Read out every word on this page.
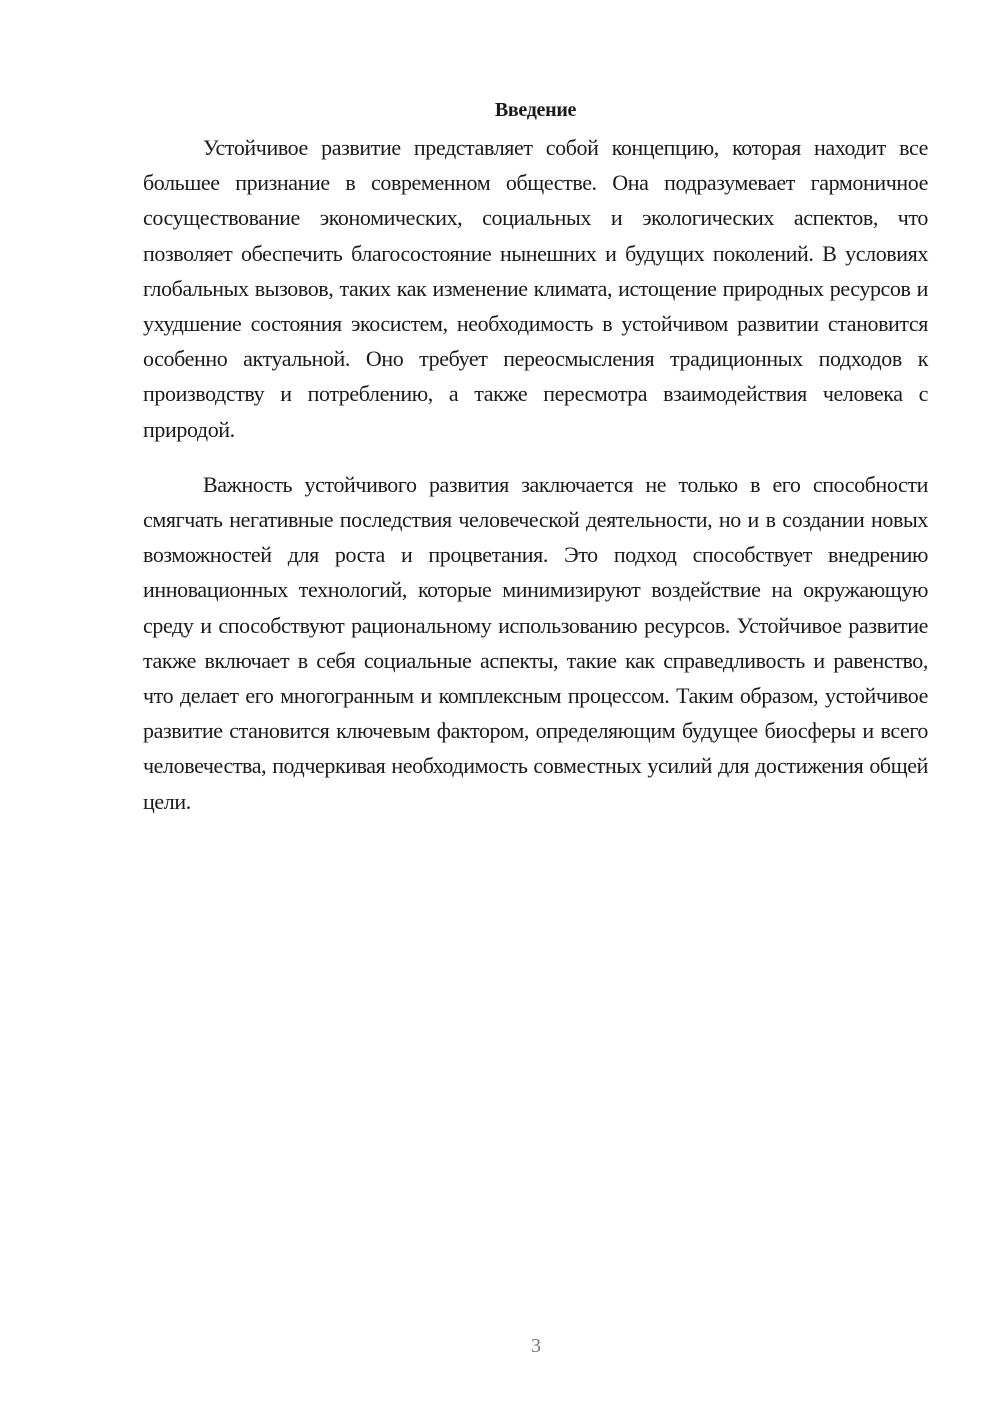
Введение

Устойчивое развитие представляет собой концепцию, которая находит все большее признание в современном обществе. Она подразумевает гармоничное сосуществование экономических, социальных и экологических аспектов, что позволяет обеспечить благосостояние нынешних и будущих поколений. В условиях глобальных вызовов, таких как изменение климата, истощение природных ресурсов и ухудшение состояния экосистем, необходимость в устойчивом развитии становится особенно актуальной. Оно требует переосмысления традиционных подходов к производству и потреблению, а также пересмотра взаимодействия человека с природой.

Важность устойчивого развития заключается не только в его способности смягчать негативные последствия человеческой деятельности, но и в создании новых возможностей для роста и процветания. Это подход способствует внедрению инновационных технологий, которые минимизируют воздействие на окружающую среду и способствуют рациональному использованию ресурсов. Устойчивое развитие также включает в себя социальные аспекты, такие как справедливость и равенство, что делает его многогранным и комплексным процессом. Таким образом, устойчивое развитие становится ключевым фактором, определяющим будущее биосферы и всего человечества, подчеркивая необходимость совместных усилий для достижения общей цели.

3
